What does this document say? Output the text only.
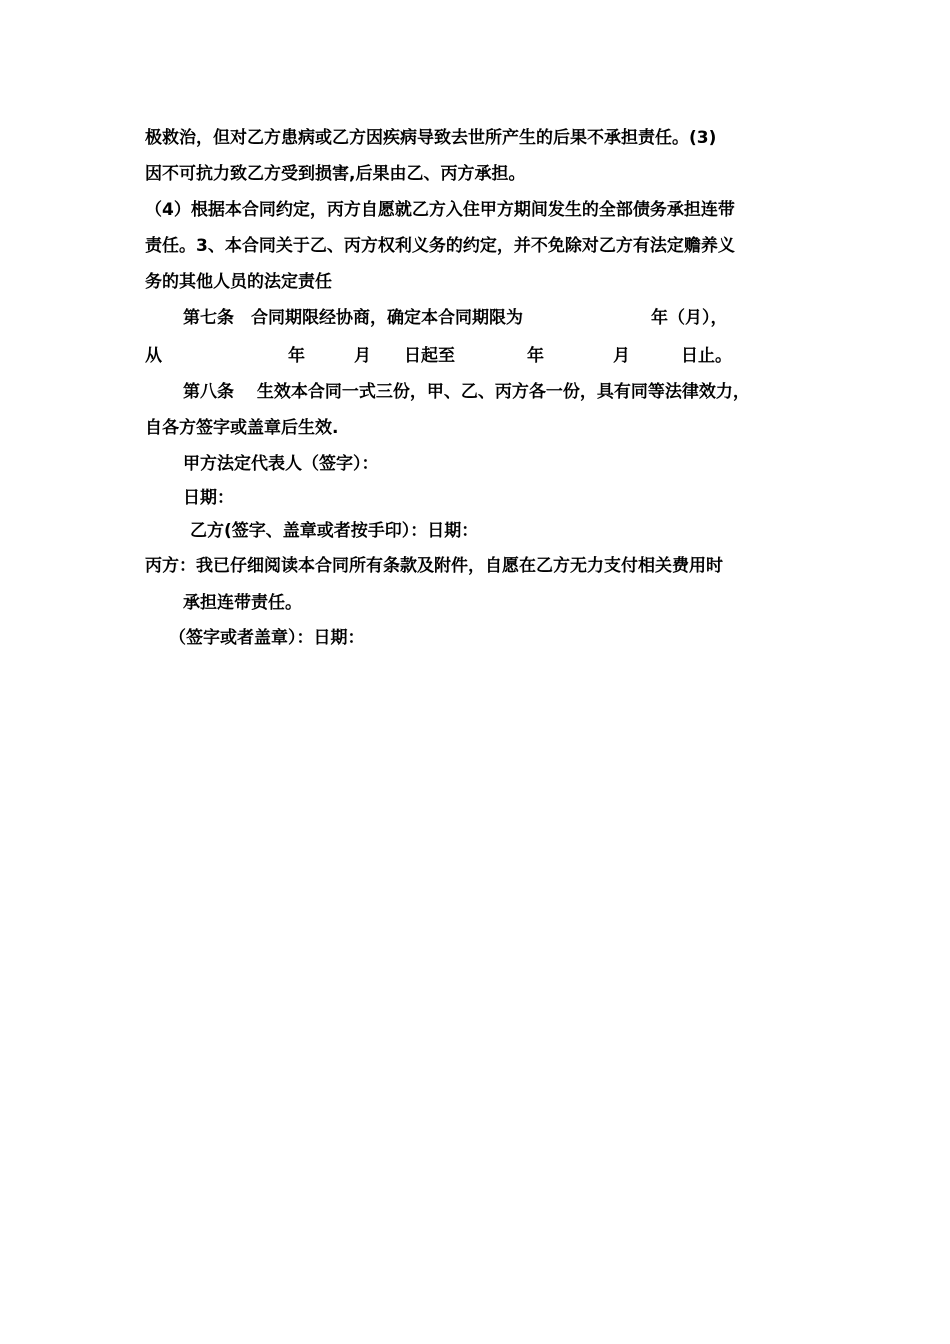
极救治，但对乙方患病或乙方因疾病导致去世所产生的后果不承担责任。(3)
因不可抗力致乙方受到损害,后果由乙、丙方承担。
（4）根据本合同约定，丙方自愿就乙方入住甲方期间发生的全部债务承担连带
责任。3、本合同关于乙、丙方权利义务的约定，并不免除对乙方有法定赡养义
务的其他人员的法定责任
第七条　合同期限经协商，确定本合同期限为	年（月），
从	年	月 日起至	年	月	日止。
第八条　 生效本合同一式三份，甲、乙、丙方各一份，具有同等法律效力，
自各方签字或盖章后生效.
甲方法定代表人（签字）：
日期：
乙方(签字、盖章或者按手印）：日期：
丙方：我已仔细阅读本合同所有条款及附件，自愿在乙方无力支付相关费用时
承担连带责任。
（签字或者盖章）：日期：
